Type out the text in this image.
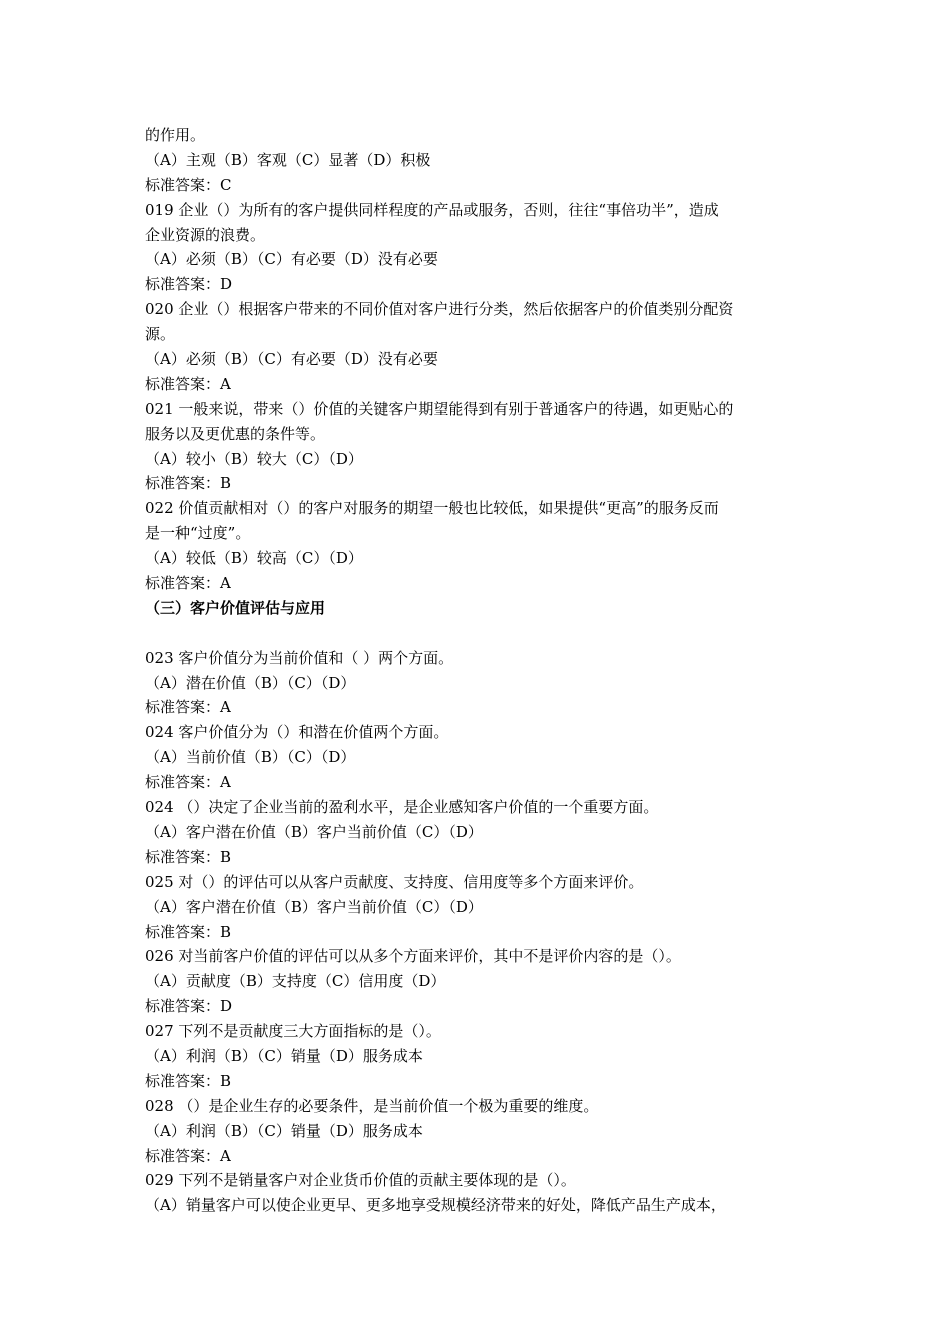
的作用。
（A）主观（B）客观（C）显著（D）积极
标准答案：C
019 企业（）为所有的客户提供同样程度的产品或服务，否则，往往“事倍功半”，造成
企业资源的浪费。
（A）必须（B）（C）有必要（D）没有必要
标准答案：D
020 企业（）根据客户带来的不同价值对客户进行分类，然后依据客户的价值类别分配资
源。
（A）必须（B）（C）有必要（D）没有必要
标准答案：A
021 一般来说，带来（）价值的关键客户期望能得到有别于普通客户的待遇，如更贴心的
服务以及更优惠的条件等。
（A）较小（B）较大（C）（D）
标准答案：B
022 价值贡献相对（）的客户对服务的期望一般也比较低，如果提供“更高”的服务反而
是一种“过度”。
（A）较低（B）较高（C）（D）
标准答案：A
（三）客户价值评估与应用
023 客户价值分为当前价值和（ ）两个方面。
（A）潜在价值（B）（C）（D）
标准答案：A
024 客户价值分为（）和潜在价值两个方面。
（A）当前价值（B）（C）（D）
标准答案：A
024 （）决定了企业当前的盈利水平，是企业感知客户价值的一个重要方面。
（A）客户潜在价值（B）客户当前价值（C）（D）
标准答案：B
025 对（）的评估可以从客户贡献度、支持度、信用度等多个方面来评价。
（A）客户潜在价值（B）客户当前价值（C）（D）
标准答案：B
026 对当前客户价值的评估可以从多个方面来评价，其中不是评价内容的是（）。
（A）贡献度（B）支持度（C）信用度（D）
标准答案：D
027 下列不是贡献度三大方面指标的是（）。
（A）利润（B）（C）销量（D）服务成本
标准答案：B
028 （）是企业生存的必要条件，是当前价值一个极为重要的维度。
（A）利润（B）（C）销量（D）服务成本
标准答案：A
029 下列不是销量客户对企业货币价值的贡献主要体现的是（）。
（A）销量客户可以使企业更早、更多地享受规模经济带来的好处，降低产品生产成本，
